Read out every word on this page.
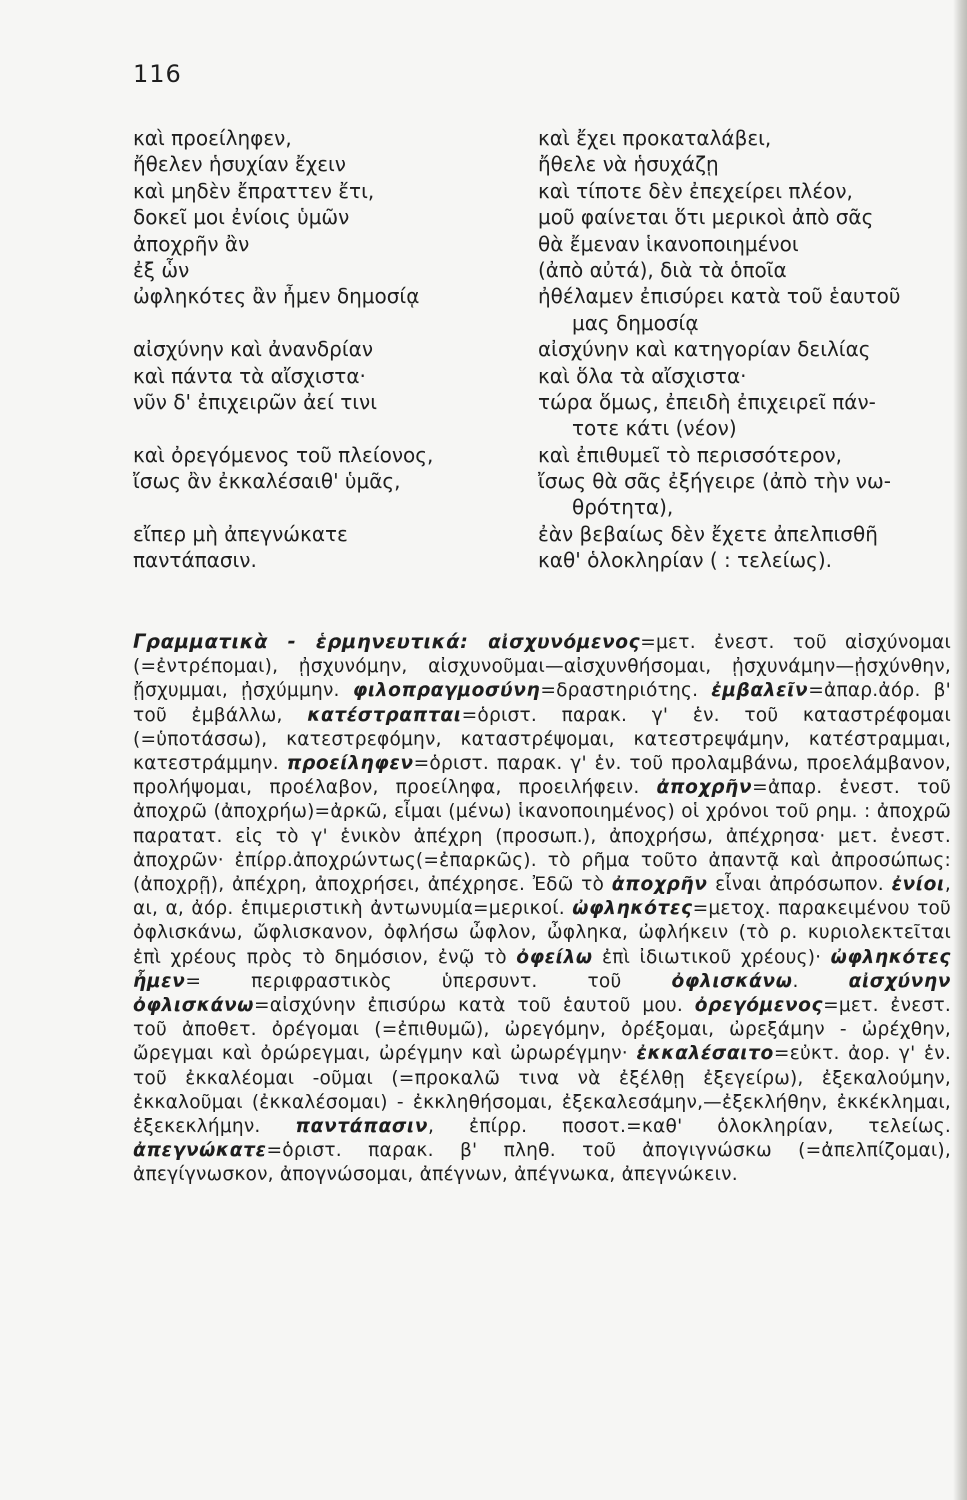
116
καὶ προείληφεν,
ἤθελεν ἡσυχίαν ἔχειν
καὶ μηδὲν ἔπραττεν ἔτι,
δοκεῖ μοι ἐνίοις ὑμῶν
ἀποχρῆν ἂν
ἐξ ὧν
ὠφληκότες ἂν ἦμεν δημοσίᾳ
αἰσχύνην καὶ ἀνανδρίαν
καὶ πάντα τὰ αἴσχιστα·
νῦν δ' ἐπιχειρῶν ἀεί τινι
καὶ ὀρεγόμενος τοῦ πλείονος,
ἴσως ἂν ἐκκαλέσαιθ' ὑμᾶς,
εἴπερ μὴ ἀπεγνώκατε
παντάπασιν.
καὶ ἔχει προκαταλάβει,
ἤθελε νὰ ἡσυχάζῃ
καὶ τίποτε δὲν ἐπεχείρει πλέον,
μοῦ φαίνεται ὅτι μερικοὶ ἀπὸ σᾶς
θὰ ἔμεναν ἱκανοποιημένοι
(ἀπὸ αὐτά), διὰ τὰ ὁποῖα
ἠθέλαμεν ἐπισύρει κατὰ τοῦ ἑαυτοῦ
μας δημοσίᾳ
αἰσχύνην καὶ κατηγορίαν δειλίας
καὶ ὅλα τὰ αἴσχιστα·
τώρα ὅμως, ἐπειδὴ ἐπιχειρεῖ πάν-
τοτε κάτι (νέον)
καὶ ἐπιθυμεῖ τὸ περισσότερον,
ἴσως θὰ σᾶς ἐξήγειρε (ἀπὸ τὴν νω-
θρότητα),
ἐὰν βεβαίως δὲν ἔχετε ἀπελπισθῆ
καθ' ὁλοκληρίαν ( : τελείως).
Γραμματικὰ - ἑρμηνευτικά: αἰσχυνόμενος=μετ. ἐνεστ. τοῦ αἰσχύνομαι (=ἐντρέπομαι), ᾐσχυνόμην, αἰσχυνοῦμαι—αἰσχυνθήσομαι, ᾐσχυνάμην—ᾐσχύνθην, ᾔσχυμμαι, ᾐσχύμμην. φιλοπραγμοσύνη=δραστηριότης. ἐμβαλεῖν=ἀπαρ.ἀόρ. β' τοῦ ἐμβάλλω, κατέστραπται=ὁριστ. παρακ. γ' ἑν. τοῦ καταστρέφομαι (=ὑποτάσσω), κατεστρεφόμην, καταστρέψομαι, κατεστρεψάμην, κατέστραμμαι, κατεστράμμην. προείληφεν=ὁριστ. παρακ. γ' ἑν. τοῦ προλαμβάνω, προελάμβανον, προλήψομαι, προέλαβον, προείληφα, προειλήφειν. ἀποχρῆν=ἀπαρ. ἐνεστ. τοῦ ἀποχρῶ (ἀποχρήω)=ἀρκῶ, εἶμαι (μένω) ἱκανοποιημένος) οἱ χρόνοι τοῦ ρημ. : ἀποχρῶ παρατατ. εἰς τὸ γ' ἑνικὸν ἀπέχρη (προσωπ.), ἀποχρήσω, ἀπέχρησα· μετ. ἐνεστ. ἀποχρῶν· ἐπίρρ.ἀποχρώντως(=ἐπαρκῶς). τὸ ρῆμα τοῦτο ἀπαντᾷ καὶ ἀπροσώπως: (ἀποχρῇ), ἀπέχρη, ἀποχρήσει, ἀπέχρησε. Ἐδῶ τὸ ἀποχρῆν εἶναι ἀπρόσωπον. ἐνίοι, αι, α, ἀόρ. ἐπιμεριστικὴ ἀντωνυμία=μερικοί. ὠφληκότες=μετοχ. παρακειμένου τοῦ ὀφλισκάνω, ὤφλισκανον, ὀφλήσω ὦφλον, ὦφληκα, ὠφλήκειν (τὸ ρ. κυριολεκτεῖται ἐπὶ χρέους πρὸς τὸ δημόσιον, ἐνῷ τὸ ὀφείλω ἐπὶ ἰδιωτικοῦ χρέους)· ὠφληκότες ἦμεν= περιφραστικὸς ὑπερσυντ. τοῦ ὀφλισκάνω. αἰσχύνην ὀφλισκάνω=αἰσχύνην ἐπισύρω κατὰ τοῦ ἑαυτοῦ μου. ὀρεγόμενος=μετ. ἐνεστ. τοῦ ἀποθετ. ὀρέγομαι (=ἐπιθυμῶ), ὠρεγόμην, ὀρέξομαι, ὠρεξάμην - ὠρέχθην, ὤρεγμαι καὶ ὀρώρεγμαι, ὠρέγμην καὶ ὠρωρέγμην· ἐκκαλέσαιτο=εὐκτ. ἀορ. γ' ἑν. τοῦ ἐκκαλέομαι -οῦμαι (=προκαλῶ τινα νὰ ἐξέλθῃ ἐξεγείρω), ἐξεκαλούμην, ἐκκαλοῦμαι (ἐκκαλέσομαι) - ἐκκληθήσομαι, ἐξεκαλεσάμην,—ἐξεκλήθην, ἐκκέκλημαι, ἐξεκεκλήμην. παντάπασιν, ἐπίρρ. ποσοτ.=καθ' ὁλοκληρίαν, τελείως. ἀπεγνώκατε=ὁριστ. παρακ. β' πληθ. τοῦ ἀπογιγνώσκω (=ἀπελπίζομαι), ἀπεγίγνωσκον, ἀπογνώσομαι, ἀπέγνων, ἀπέγνωκα, ἀπεγνώκειν.
